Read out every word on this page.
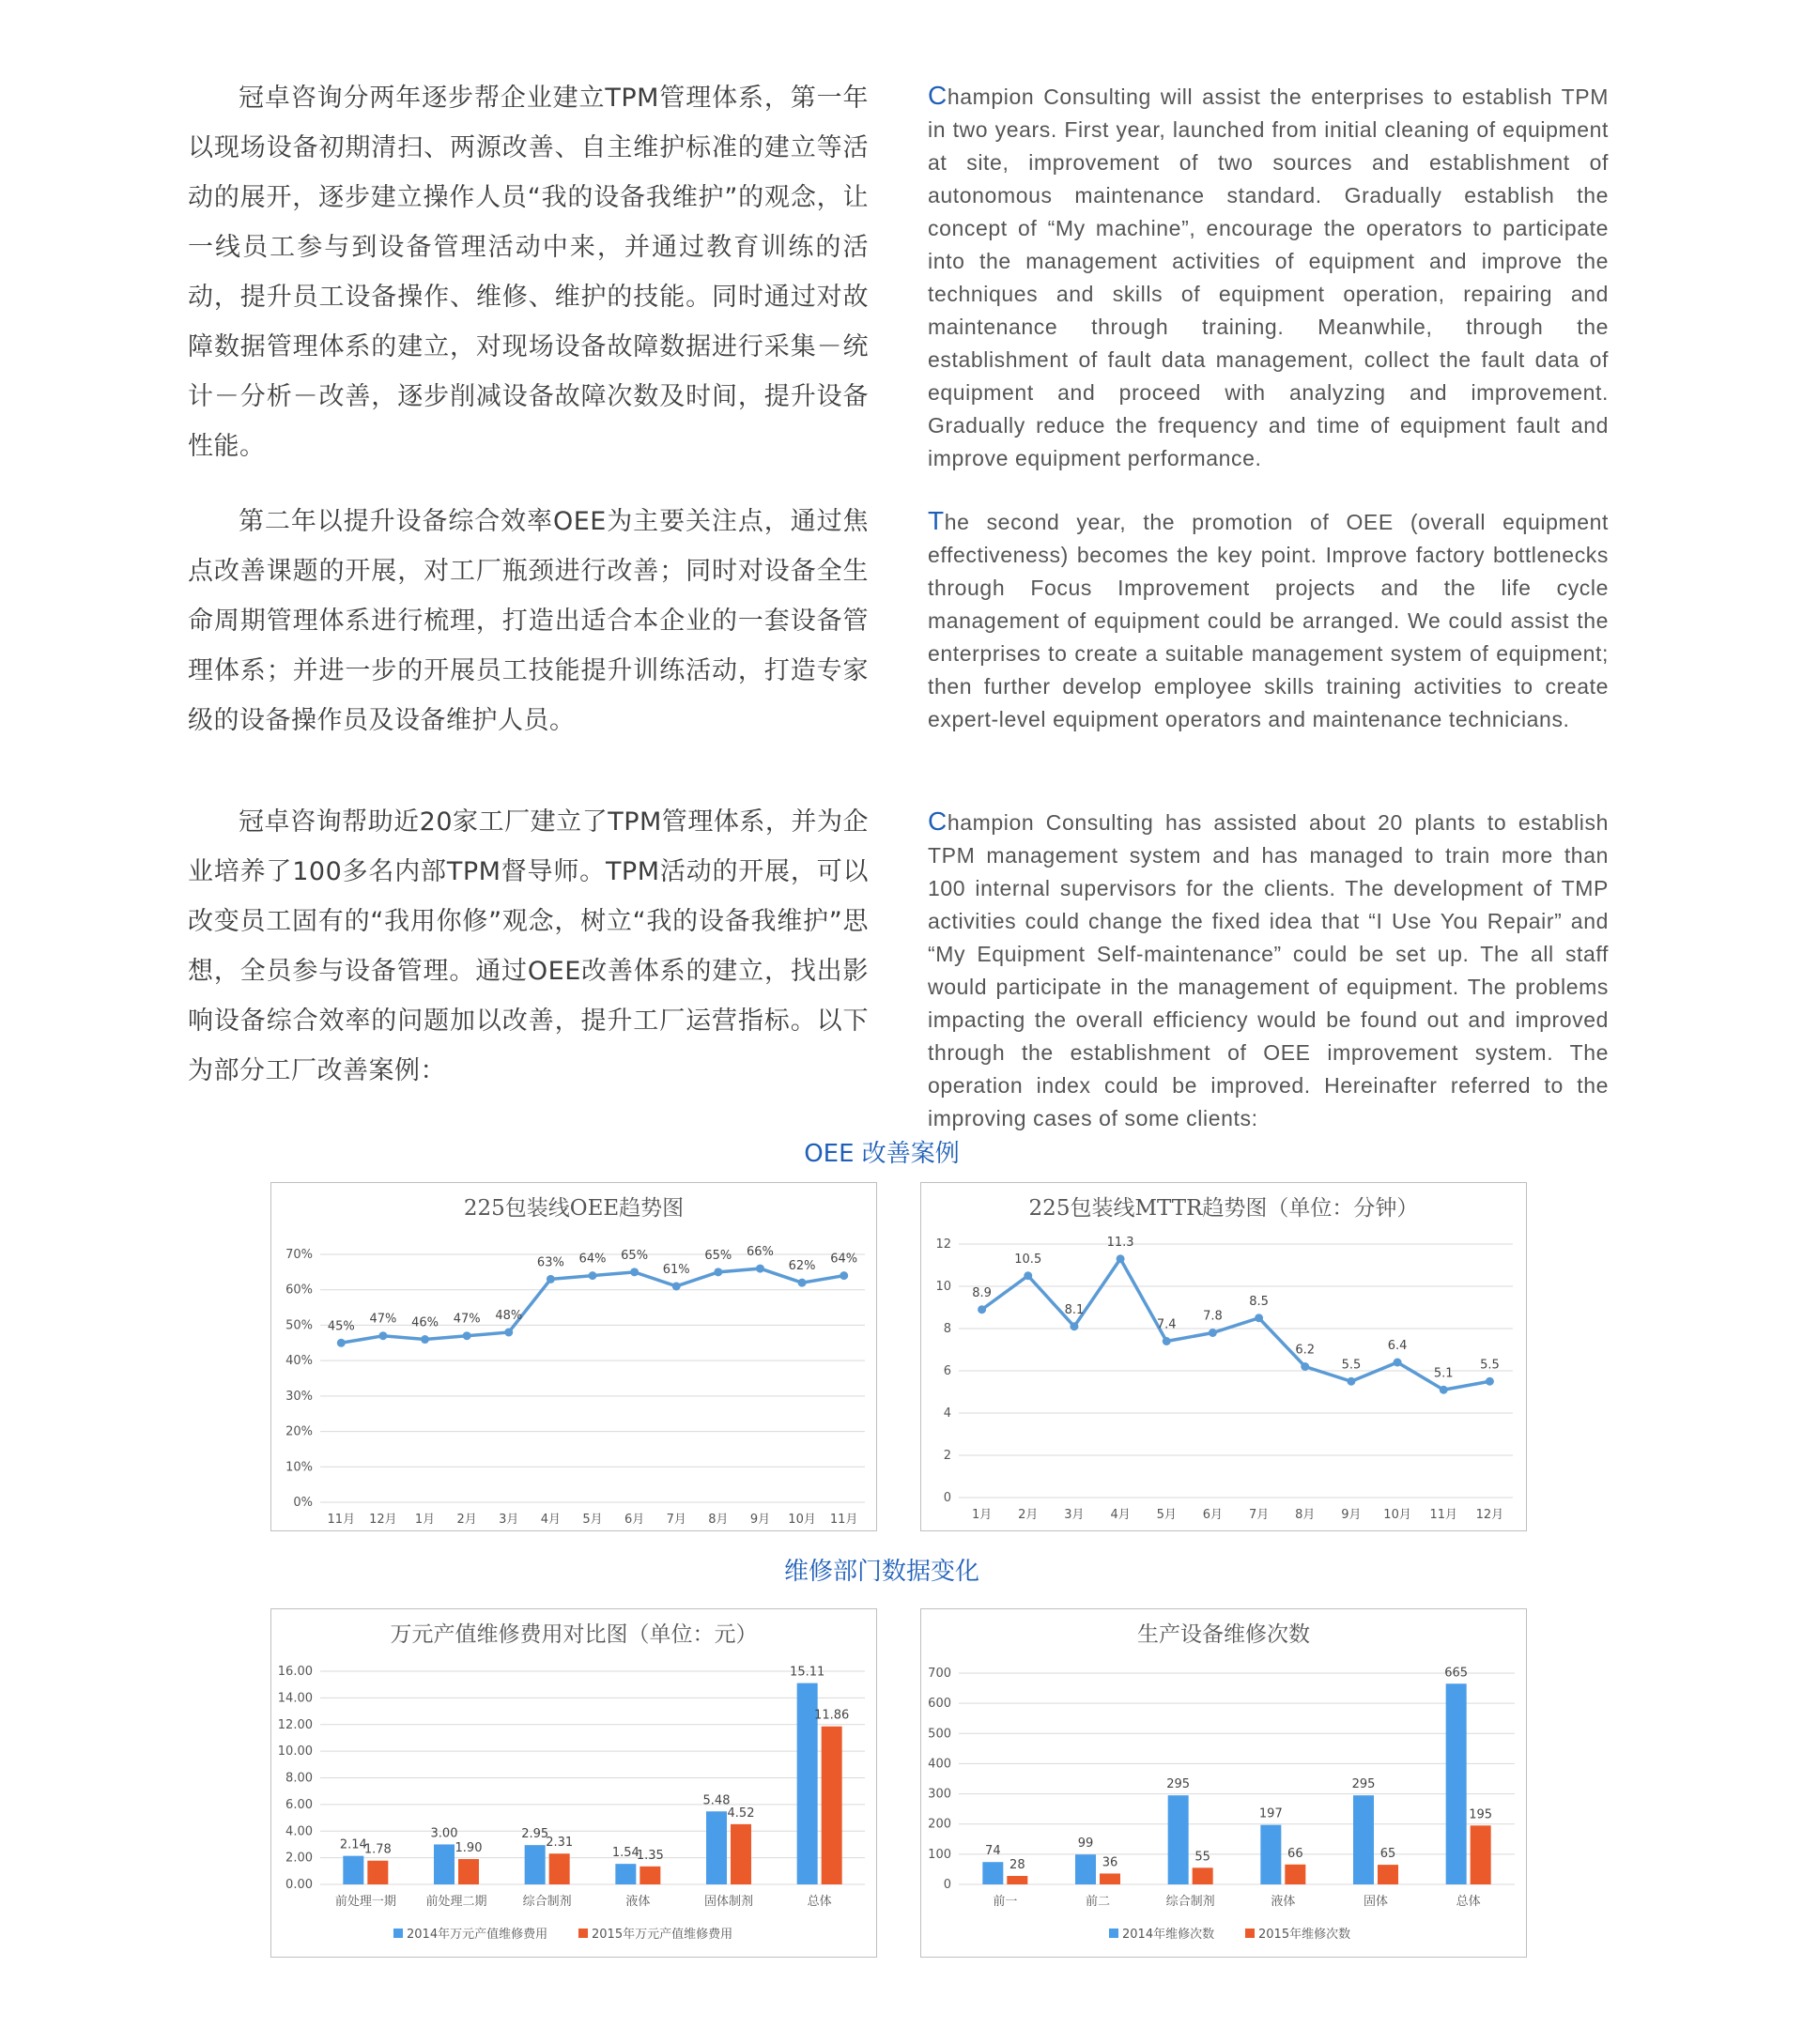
冠卓咨询分两年逐步帮企业建立TPM管理体系，第一年以现场设备初期清扫、两源改善、自主维护标准的建立等活动的展开，逐步建立操作人员“我的设备我维护”的观念，让一线员工参与到设备管理活动中来，并通过教育训练的活动，提升员工设备操作、维修、维护的技能。同时通过对故障数据管理体系的建立，对现场设备故障数据进行采集－统计－分析－改善，逐步削减设备故障次数及时间，提升设备性能。

第二年以提升设备综合效率OEE为主要关注点，通过焦点改善课题的开展，对工厂瓶颈进行改善；同时对设备全生命周期管理体系进行梳理，打造出适合本企业的一套设备管理体系；并进一步的开展员工技能提升训练活动，打造专家级的设备操作员及设备维护人员。

冠卓咨询帮助近20家工厂建立了TPM管理体系，并为企业培养了100多名内部TPM督导师。TPM活动的开展，可以改变员工固有的“我用你修”观念，树立“我的设备我维护”思想，全员参与设备管理。通过OEE改善体系的建立，找出影响设备综合效率的问题加以改善，提升工厂运营指标。以下为部分工厂改善案例：

Champion Consulting will assist the enterprises to establish TPM in two years. First year, launched from initial cleaning of equipment at site, improvement of two sources and establishment of autonomous maintenance standard. Gradually establish the concept of “My machine”, encourage the operators to participate into the management activities of equipment and improve the techniques and skills of equipment operation, repairing and maintenance through training. Meanwhile, through the establishment of fault data management, collect the fault data of equipment and proceed with analyzing and improvement. Gradually reduce the frequency and time of equipment fault and improve equipment performance.

The second year, the promotion of OEE (overall equipment effectiveness) becomes the key point. Improve factory bottlenecks through Focus Improvement projects and the life cycle management of equipment could be arranged. We could assist the enterprises to create a suitable management system of equipment; then further develop employee skills training activities to create expert-level equipment operators and maintenance technicians.

Champion Consulting has assisted about 20 plants to establish TPM management system and has managed to train more than 100 internal supervisors for the clients. The development of TMP activities could change the fixed idea that “I Use You Repair” and “My Equipment Self-maintenance” could be set up. The all staff would participate in the management of equipment. The problems impacting the overall efficiency would be found out and improved through the establishment of OEE improvement system. The operation index could be improved. Hereinafter referred to the improving cases of some clients:

OEE 改善案例
维修部门数据变化
225包装线OEE趋势图
0%
10%
20%
30%
40%
50%
60%
70%
11月 12月 1月 2月 3月 4月 5月 6月 7月 8月 9月 10月 11月
45%
47% 46% 47% 48%
63% 64% 65%
61%
65% 66%
62%
64%
225包装线MTTR趋势图（单位：分钟）
0
2
4
6
8
10
12
1月 2月 3月 4月 5月 6月 7月 8月 9月 10月 11月 12月
8.9
10.5
8.1
11.3
7.4
7.8
8.5
6.2
5.5
6.4
5.1
5.5
万元产值维修费用对比图（单位：元）
0.00
2.00
4.00
6.00
8.00
10.00
12.00
14.00
16.00
前处理一期
2.14
1.78
前处理二期
3.00
1.90
综合制剂
2.95
2.31
液体
1.54
1.35
固体制剂
5.48
4.52
总体
15.11
11.86
2014年万元产值维修费用	2015年万元产值维修费用
生产设备维修次数
0
100
200
300
400
500
600
700
前一
74
28
前二
99
36
综合制剂
295
55
液体
197
66
固体
295
65
总体
665
195
2014年维修次数	2015年维修次数
